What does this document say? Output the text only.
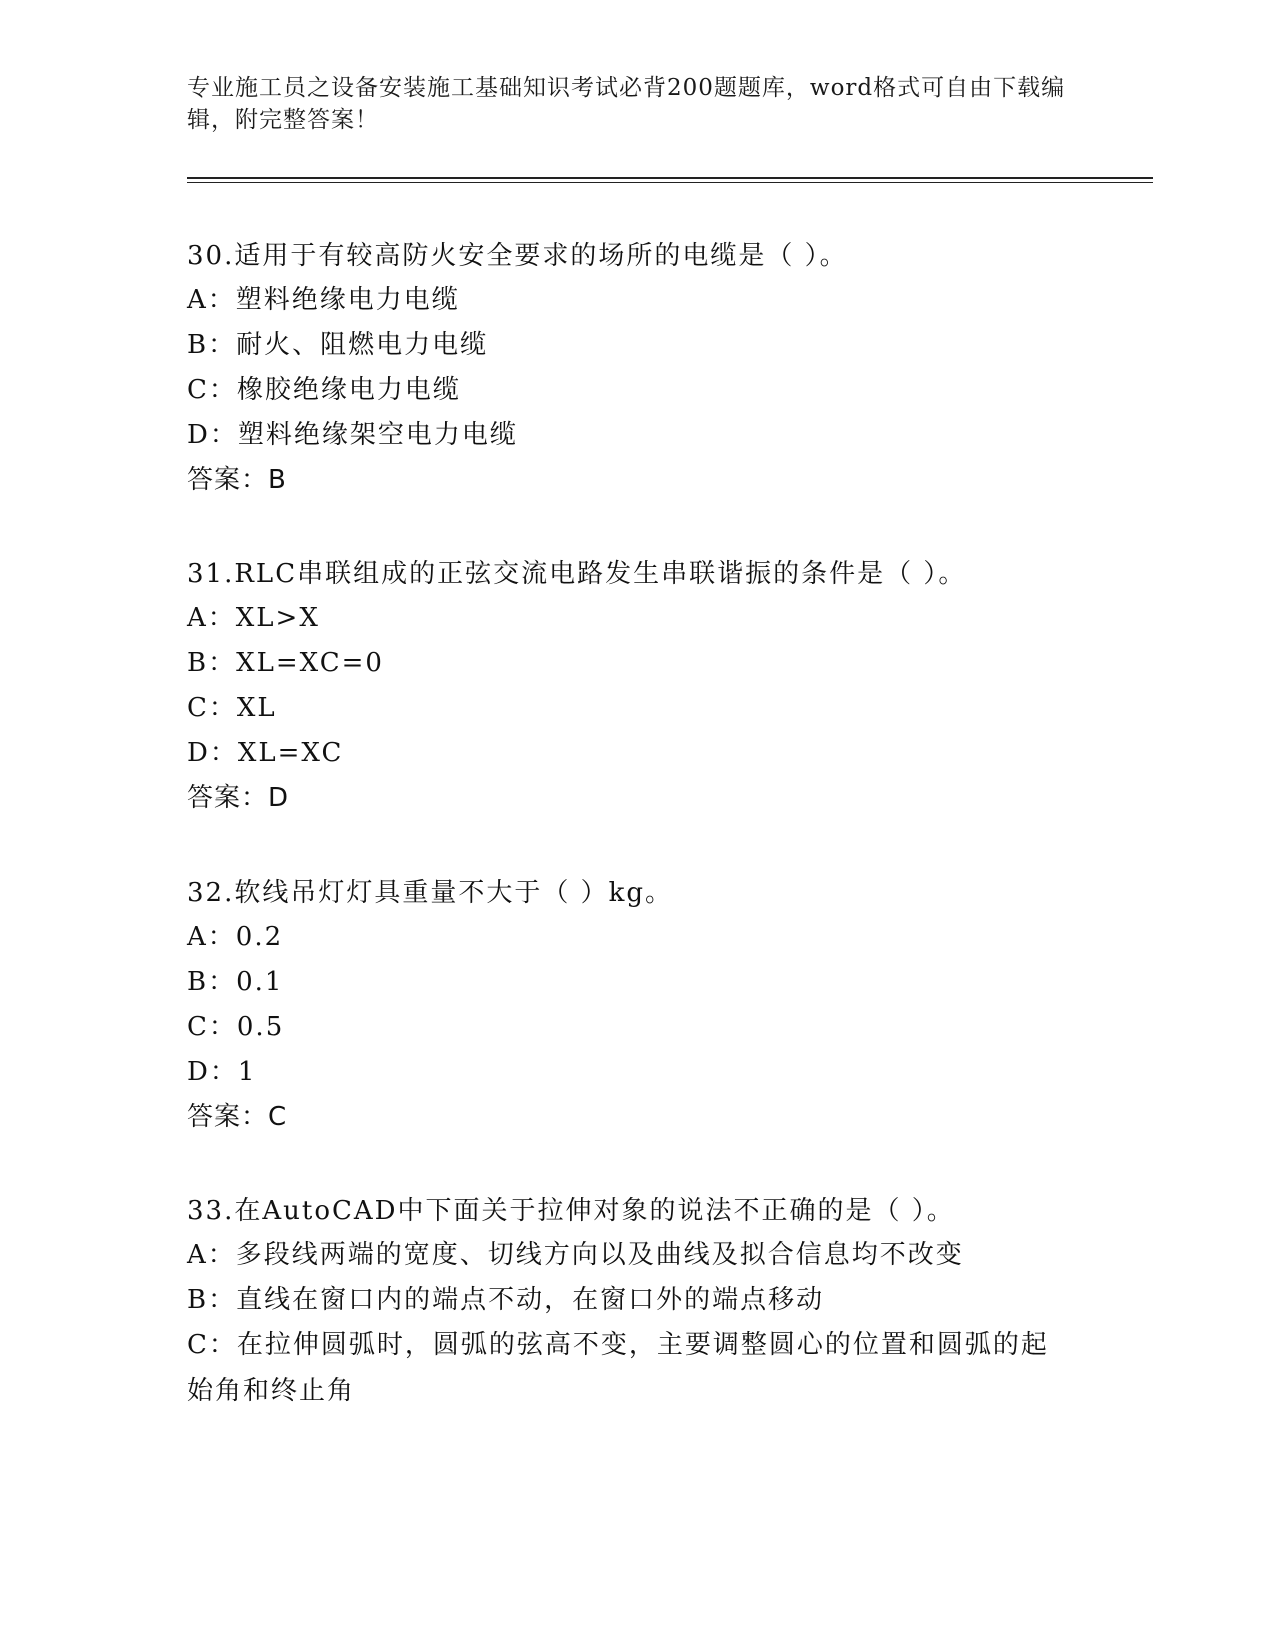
专业施工员之设备安装施工基础知识考试必背200题题库，word格式可自由下载编辑，附完整答案！

30.适用于有较高防火安全要求的场所的电缆是（ ）。

A：塑料绝缘电力电缆

B：耐火、阻燃电力电缆

C：橡胶绝缘电力电缆

D：塑料绝缘架空电力电缆

答案：B

31.RLC串联组成的正弦交流电路发生串联谐振的条件是（ ）。

A：XL>X

B：XL=XC=0

C：XL

D：XL=XC

答案：D

32.软线吊灯灯具重量不大于（ ）kg。

A：0.2

B：0.1

C：0.5

D：1

答案：C

33.在AutoCAD中下面关于拉伸对象的说法不正确的是（ ）。

A：多段线两端的宽度、切线方向以及曲线及拟合信息均不改变

B：直线在窗口内的端点不动，在窗口外的端点移动

C：在拉伸圆弧时，圆弧的弦高不变，主要调整圆心的位置和圆弧的起始角和终止角
